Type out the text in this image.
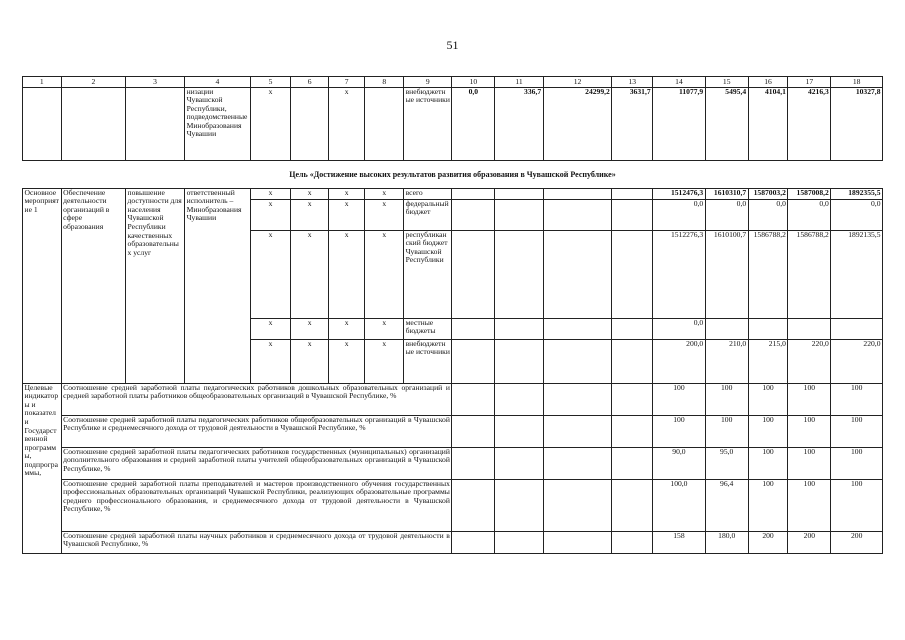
51
1	2	3	4	5	6	7	8	9	10	11	12	13	14	15	16	17	18
			низации Чувашской Республики, подведомственные Минобразования Чувашии	x		x		внебюджетные источники	0,0	336,7	24299,2	3631,7	11077,9	5495,4	4104,1	4216,3	10327,8
Цель «Достижение высоких результатов развития образования в Чувашской Республике»																	
Основное мероприятие 1	Обеспечение деятельности организаций в сфере образования	повышение доступности для населения Чувашской Республики качественных образовательных услуг	ответственный исполнитель – Минобразования Чувашии	x	x	x	x	всего					1512476,3	1610310,7	1587003,2	1587008,2	1892355,5
				x	x	x	x	федеральный бюджет					0,0	0,0	0,0	0,0	0,0
				x	x	x	x	республиканский бюджет Чувашской Республики					1512276,3	1610100,7	1586788,2	1586788,2	1892135,5
				x	x	x	x	местные бюджеты					0,0				
				x	x	x	x	внебюджетные источники					200,0	210,0	215,0	220,0	220,0
Целевые индикаторы и показатели Государственной программы, подпрограммы,	Соотношение средней заработной платы педагогических работников дошкольных образовательных организаций и средней заработной платы работников общеобразовательных организаций в Чувашской Республике, %												100	100	100	100	100
	Соотношение средней заработной платы педагогических работников общеобразовательных организаций в Чувашской Республике и среднемесячного дохода от трудовой деятельности в Чувашской Республике, %												100	100	100	100	100
	Соотношение средней заработной платы педагогических работников государственных (муниципальных) организаций дополнительного образования и средней заработной платы учителей общеобразовательных организаций в Чувашской Республике, %												90,0	95,0	100	100	100
	Соотношение средней заработной платы преподавателей и мастеров производственного обучения государственных профессиональных образовательных организаций Чувашской Республики, реализующих образовательные программы среднего профессионального образования, и среднемесячного дохода от трудовой деятельности в Чувашской Республике, %												100,0	96,4	100	100	100
	Соотношение средней заработной платы научных работников и среднемесячного дохода от трудовой деятельности в Чувашской Республике, %												158	180,0	200	200	200
